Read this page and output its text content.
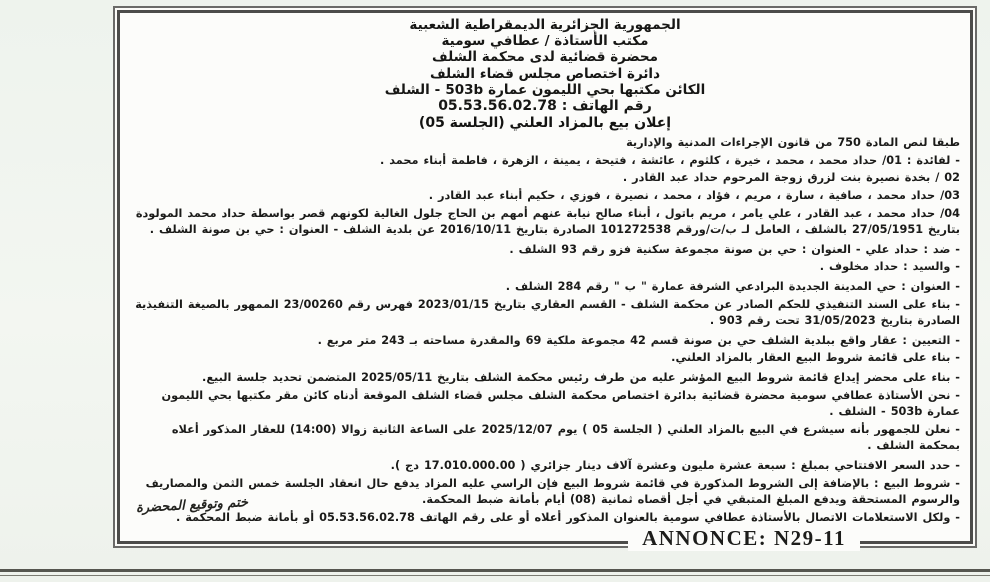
الجمهورية الجزائرية الديمقراطية الشعبية
مكتب الأستاذة / عطافي سومية
محضرة قضائية لدى محكمة الشلف
دائرة اختصاص مجلس قضاء الشلف
الكائن مكتبها بحي الليمون عمارة 503b - الشلف
رقم الهاتف : 05.53.56.02.78
إعلان بيع بالمزاد العلني (الجلسة 05)

طبقا لنص المادة 750 من قانون الإجراءات المدنية والإدارية

- لفائدة : 01/ حداد محمد ، محمد ، خيرة ، كلثوم ، عائشة ، فتيحة ، يمينة ، الزهرة ، فاطمة أبناء محمد .

02 / بخدة نصيرة بنت لزرق زوجة المرحوم حداد عبد القادر .

03/ حداد محمد ، صافية ، سارة ، مريم ، فؤاد ، محمد ، نصيرة ، فوزي ، حكيم أبناء عبد القادر .

04/ حداد محمد ، عبد القادر ، علي يامر ، مريم باتول ، أبناء صالح نيابة عنهم أمهم بن الحاج جلول الغالية لكونهم قصر بواسطة حداد محمد المولودة بتاريخ 27/05/1951 بالشلف ، العامل لـ ب/ت/ورقم 101272538 الصادرة بتاريخ 2016/10/11 عن بلدية الشلف - العنوان : حي بن صونة الشلف .

- ضد : حداد علي - العنوان : حي بن صونة مجموعة سكنية فزو رقم 93 الشلف .

- والسيد : حداد مخلوف .

- العنوان : حي المدينة الجديدة البرادعي الشرفة عمارة " ب " رقم 284 الشلف .

- بناء على السند التنفيذي للحكم الصادر عن محكمة الشلف - القسم العقاري بتاريخ 2023/01/15 فهرس رقم 23/00260 الممهور بالصيغة التنفيذية الصادرة بتاريخ 31/05/2023 تحت رقم 903 .

- التعيين : عقار واقع ببلدية الشلف حي بن صونة قسم 42 مجموعة ملكية 69 والمقدرة مساحته بـ 243 متر مربع .

- بناء على قائمة شروط البيع العقار بالمزاد العلني.

- بناء على محضر إيداع قائمة شروط البيع المؤشر عليه من طرف رئيس محكمة الشلف بتاريخ 2025/05/11 المتضمن تحديد جلسة البيع.

- نحن الأستاذة عطافي سومية محضرة قضائية بدائرة اختصاص محكمة الشلف مجلس قضاء الشلف الموقعة أدناه كائن مقر مكتبها بحي الليمون عمارة 503b - الشلف .

- نعلن للجمهور بأنه سيشرع في البيع بالمزاد العلني ( الجلسة 05 ) يوم 2025/12/07 على الساعة الثانية زوالا (14:00) للعقار المذكور أعلاه بمحكمة الشلف .

- حدد السعر الافتتاحي بمبلغ : سبعة عشرة مليون وعشرة آلاف دينار جزائري ( 17.010.000.00 دج ).

- شروط البيع : بالإضافة إلى الشروط المذكورة في قائمة شروط البيع فإن الراسي عليه المزاد يدفع حال انعقاد الجلسة خمس الثمن والمصاريف والرسوم المستحقة ويدفع المبلغ المتبقي في أجل أقصاه ثمانية (08) أيام بأمانة ضبط المحكمة.

- ولكل الاستعلامات الاتصال بالأستاذة عطافي سومية بالعنوان المذكور أعلاه أو على رقم الهاتف 05.53.56.02.78 أو بأمانة ضبط المحكمة .

ختم وتوقيع المحضرة
ANNONCE: N29-11
